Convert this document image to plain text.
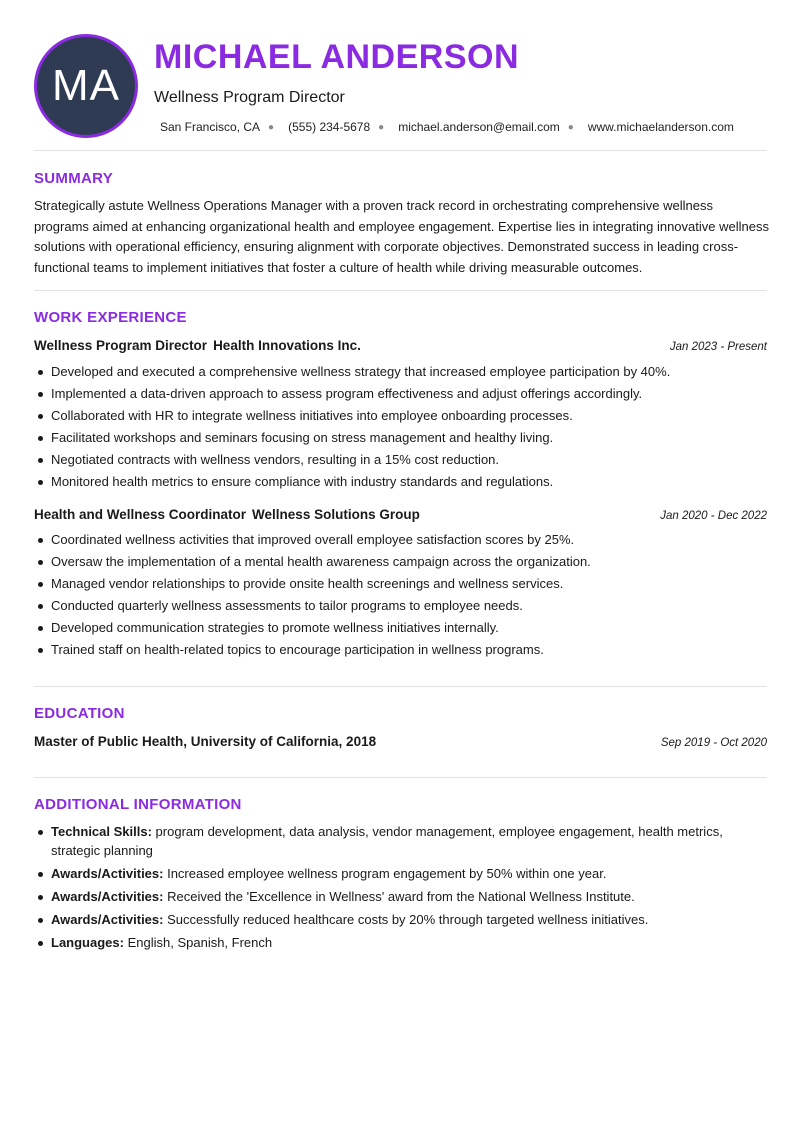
MA
MICHAEL ANDERSON
Wellness Program Director
San Francisco, CA ● (555) 234-5678 ● michael.anderson@email.com ● www.michaelanderson.com
SUMMARY

Strategically astute Wellness Operations Manager with a proven track record in orchestrating comprehensive wellness programs aimed at enhancing organizational health and employee engagement. Expertise lies in integrating innovative wellness solutions with operational efficiency, ensuring alignment with corporate objectives. Demonstrated success in leading cross-functional teams to implement initiatives that foster a culture of health while driving measurable outcomes.

WORK EXPERIENCE
Wellness Program Director Health Innovations Inc.	Jan 2023 - Present
Developed and executed a comprehensive wellness strategy that increased employee participation by 40%.
Implemented a data-driven approach to assess program effectiveness and adjust offerings accordingly.
Collaborated with HR to integrate wellness initiatives into employee onboarding processes.
Facilitated workshops and seminars focusing on stress management and healthy living.
Negotiated contracts with wellness vendors, resulting in a 15% cost reduction.
Monitored health metrics to ensure compliance with industry standards and regulations.
Health and Wellness Coordinator Wellness Solutions Group	Jan 2020 - Dec 2022
Coordinated wellness activities that improved overall employee satisfaction scores by 25%.
Oversaw the implementation of a mental health awareness campaign across the organization.
Managed vendor relationships to provide onsite health screenings and wellness services.
Conducted quarterly wellness assessments to tailor programs to employee needs.
Developed communication strategies to promote wellness initiatives internally.
Trained staff on health-related topics to encourage participation in wellness programs.
EDUCATION
Master of Public Health, University of California, 2018	Sep 2019 - Oct 2020
ADDITIONAL INFORMATION
Technical Skills: program development, data analysis, vendor management, employee engagement, health metrics, strategic planning
Awards/Activities: Increased employee wellness program engagement by 50% within one year.
Awards/Activities: Received the 'Excellence in Wellness' award from the National Wellness Institute.
Awards/Activities: Successfully reduced healthcare costs by 20% through targeted wellness initiatives.
Languages: English, Spanish, French
